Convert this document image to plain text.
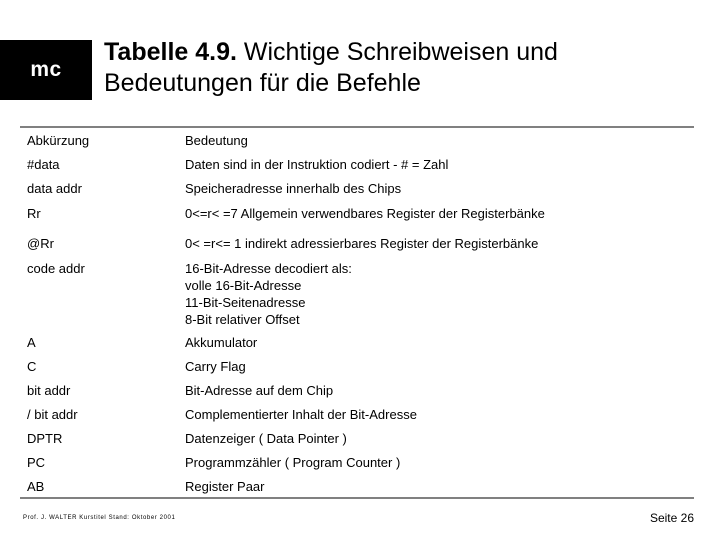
mc
Tabelle 4.9. Wichtige Schreibweisen und Bedeutungen für die Befehle
Abkürzung	Bedeutung
#data	Daten sind in der Instruktion codiert - # = Zahl
data addr	Speicheradresse innerhalb des Chips
Rr	0<=r< =7 Allgemein verwendbares Register der Registerbänke
@Rr	0< =r<= 1 indirekt adressierbares Register der Registerbänke
code addr	16-Bit-Adresse decodiert als:
volle 16-Bit-Adresse
11-Bit-Seitenadresse
8-Bit relativer Offset
A	Akkumulator
C	Carry Flag
bit addr	Bit-Adresse auf dem Chip
/ bit addr	Complementierter Inhalt der Bit-Adresse
DPTR	Datenzeiger ( Data Pointer )
PC	Programmzähler ( Program Counter )
AB	Register Paar
Prof. J. WALTER Kurstitel Stand: Oktober 2001	Seite 26
